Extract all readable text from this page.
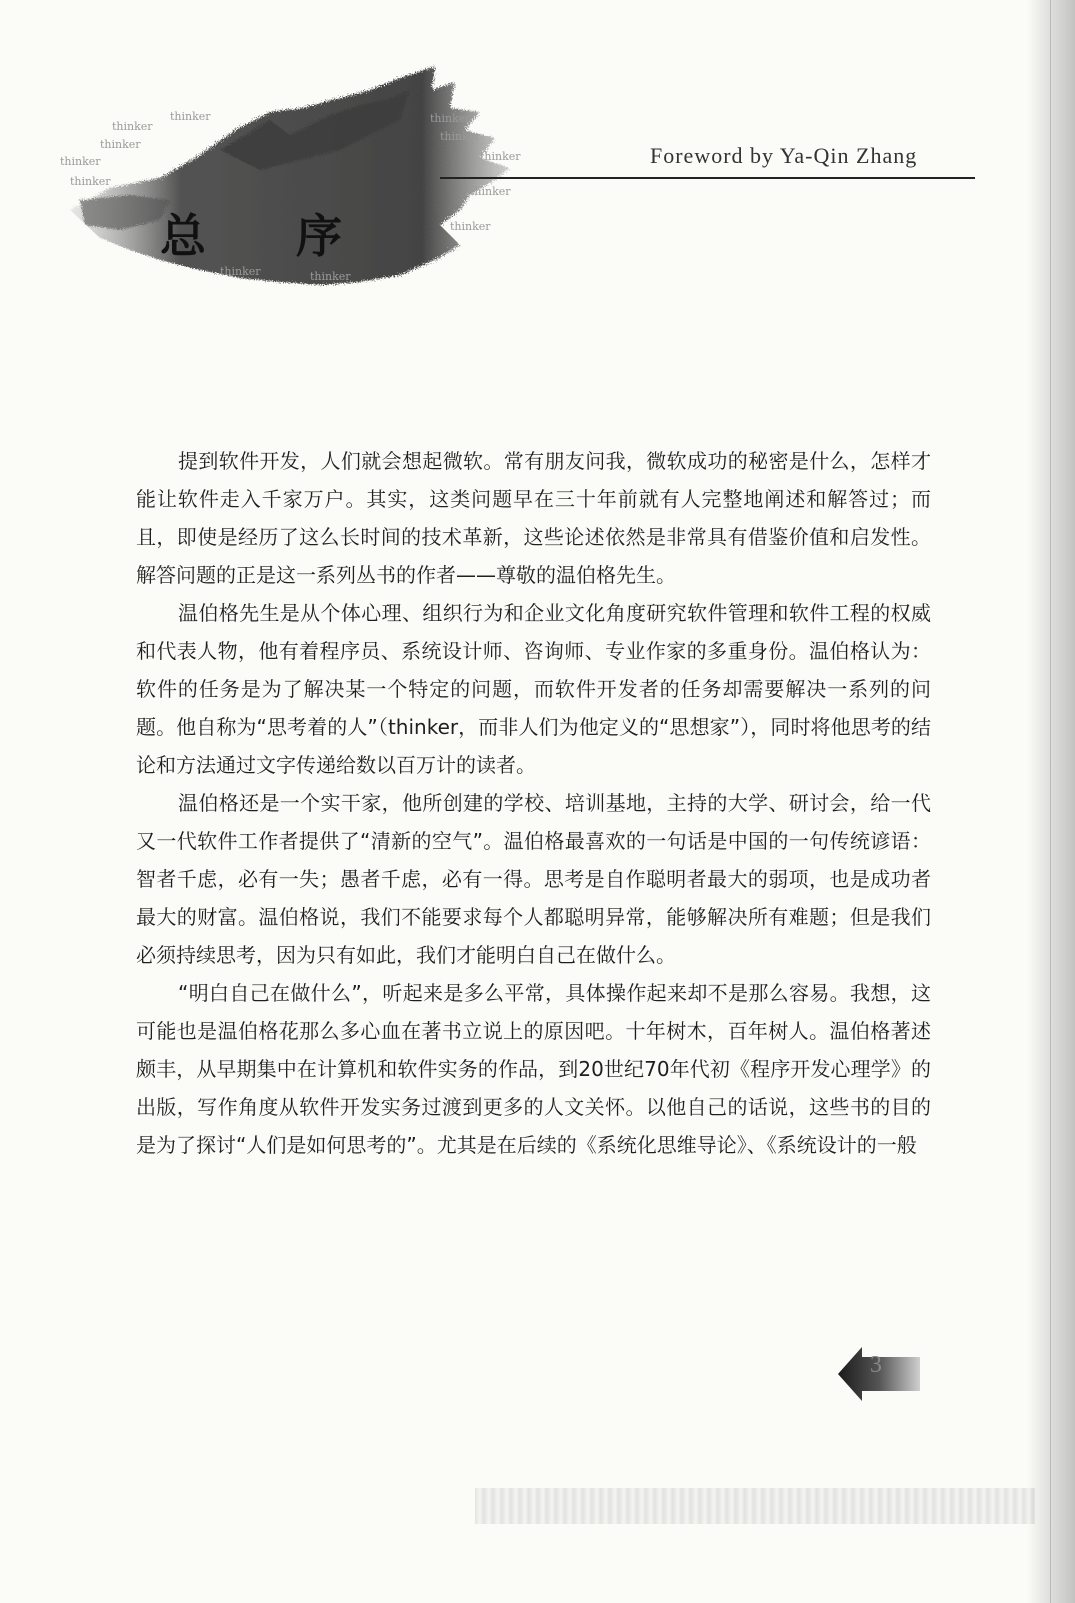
thinker
thinker
thinker
thinker
thinker
thinker
thinker
thinker
thinker
thinker
thinker	thinker
总序
Foreword by Ya-Qin Zhang

提到软件开发，人们就会想起微软。常有朋友问我，微软成功的秘密是什么，怎样才能让软件走入千家万户。其实，这类问题早在三十年前就有人完整地阐述和解答过；而且，即使是经历了这么长时间的技术革新，这些论述依然是非常具有借鉴价值和启发性。解答问题的正是这一系列丛书的作者——尊敬的温伯格先生。

温伯格先生是从个体心理、组织行为和企业文化角度研究软件管理和软件工程的权威和代表人物，他有着程序员、系统设计师、咨询师、专业作家的多重身份。温伯格认为：软件的任务是为了解决某一个特定的问题，而软件开发者的任务却需要解决一系列的问题。他自称为“思考着的人”（thinker，而非人们为他定义的“思想家”），同时将他思考的结论和方法通过文字传递给数以百万计的读者。

温伯格还是一个实干家，他所创建的学校、培训基地，主持的大学、研讨会，给一代又一代软件工作者提供了“清新的空气”。温伯格最喜欢的一句话是中国的一句传统谚语：智者千虑，必有一失；愚者千虑，必有一得。思考是自作聪明者最大的弱项，也是成功者最大的财富。温伯格说，我们不能要求每个人都聪明异常，能够解决所有难题；但是我们必须持续思考，因为只有如此，我们才能明白自己在做什么。

“明白自己在做什么”，听起来是多么平常，具体操作起来却不是那么容易。我想，这可能也是温伯格花那么多心血在著书立说上的原因吧。十年树木，百年树人。温伯格著述颇丰，从早期集中在计算机和软件实务的作品，到20世纪70年代初《程序开发心理学》的出版，写作角度从软件开发实务过渡到更多的人文关怀。以他自己的话说，这些书的目的是为了探讨“人们是如何思考的”。尤其是在后续的《系统化思维导论》、《系统设计的一般

3
